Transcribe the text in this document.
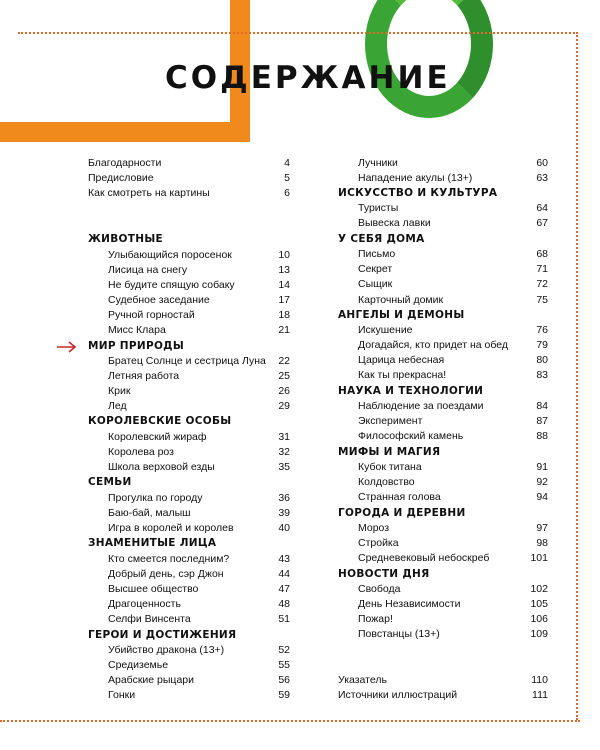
СОДЕРЖАНИЕ
Благодарности	4
Предисловие	5
Как смотреть на картины	6
ЖИВОТНЫЕ
Улыбающийся поросенок	10
Лисица на снегу	13
Не будите спящую собаку	14
Судебное заседание	17
Ручной горностай	18
Мисс Клара	21
МИР ПРИРОДЫ
Братец Солнце и сестрица Луна 22
Летняя работа	25
Крик	26
Лед	29
КОРОЛЕВСКИЕ ОСОБЫ
Королевский жираф	31
Королева роз	32
Школа верховой езды	35
СЕМЬИ
Прогулка по городу	36
Баю-бай, малыш	39
Игра в королей и королев	40
ЗНАМЕНИТЫЕ ЛИЦА
Кто смеется последним?	43
Добрый день, сэр Джон	44
Высшее общество	47
Драгоценность	48
Селфи Винсента	51
ГЕРОИ И ДОСТИЖЕНИЯ
Убийство дракона (13+)	52
Средиземье	55
Арабские рыцари	56
Гонки	59
Лучники	60
Нападение акулы (13+)	63
ИСКУССТВО И КУЛЬТУРА
Туристы	64
Вывеска лавки	67
У СЕБЯ ДОМА
Письмо	68
Секрет	71
Сыщик	72
Карточный домик	75
АНГЕЛЫ И ДЕМОНЫ
Искушение	76
Догадайся, кто придет на обед	79
Царица небесная	80
Как ты прекрасна!	83
НАУКА И ТЕХНОЛОГИИ
Наблюдение за поездами	84
Эксперимент	87
Философский камень	88
МИФЫ И МАГИЯ
Кубок титана	91
Колдовство	92
Странная голова	94
ГОРОДА И ДЕРЕВНИ
Мороз	97
Стройка	98
Средневековый небоскреб	101
НОВОСТИ ДНЯ
Свобода	102
День Независимости	105
Пожар!	106
Повстанцы (13+)	109
Указатель	110
Источники иллюстраций	111
